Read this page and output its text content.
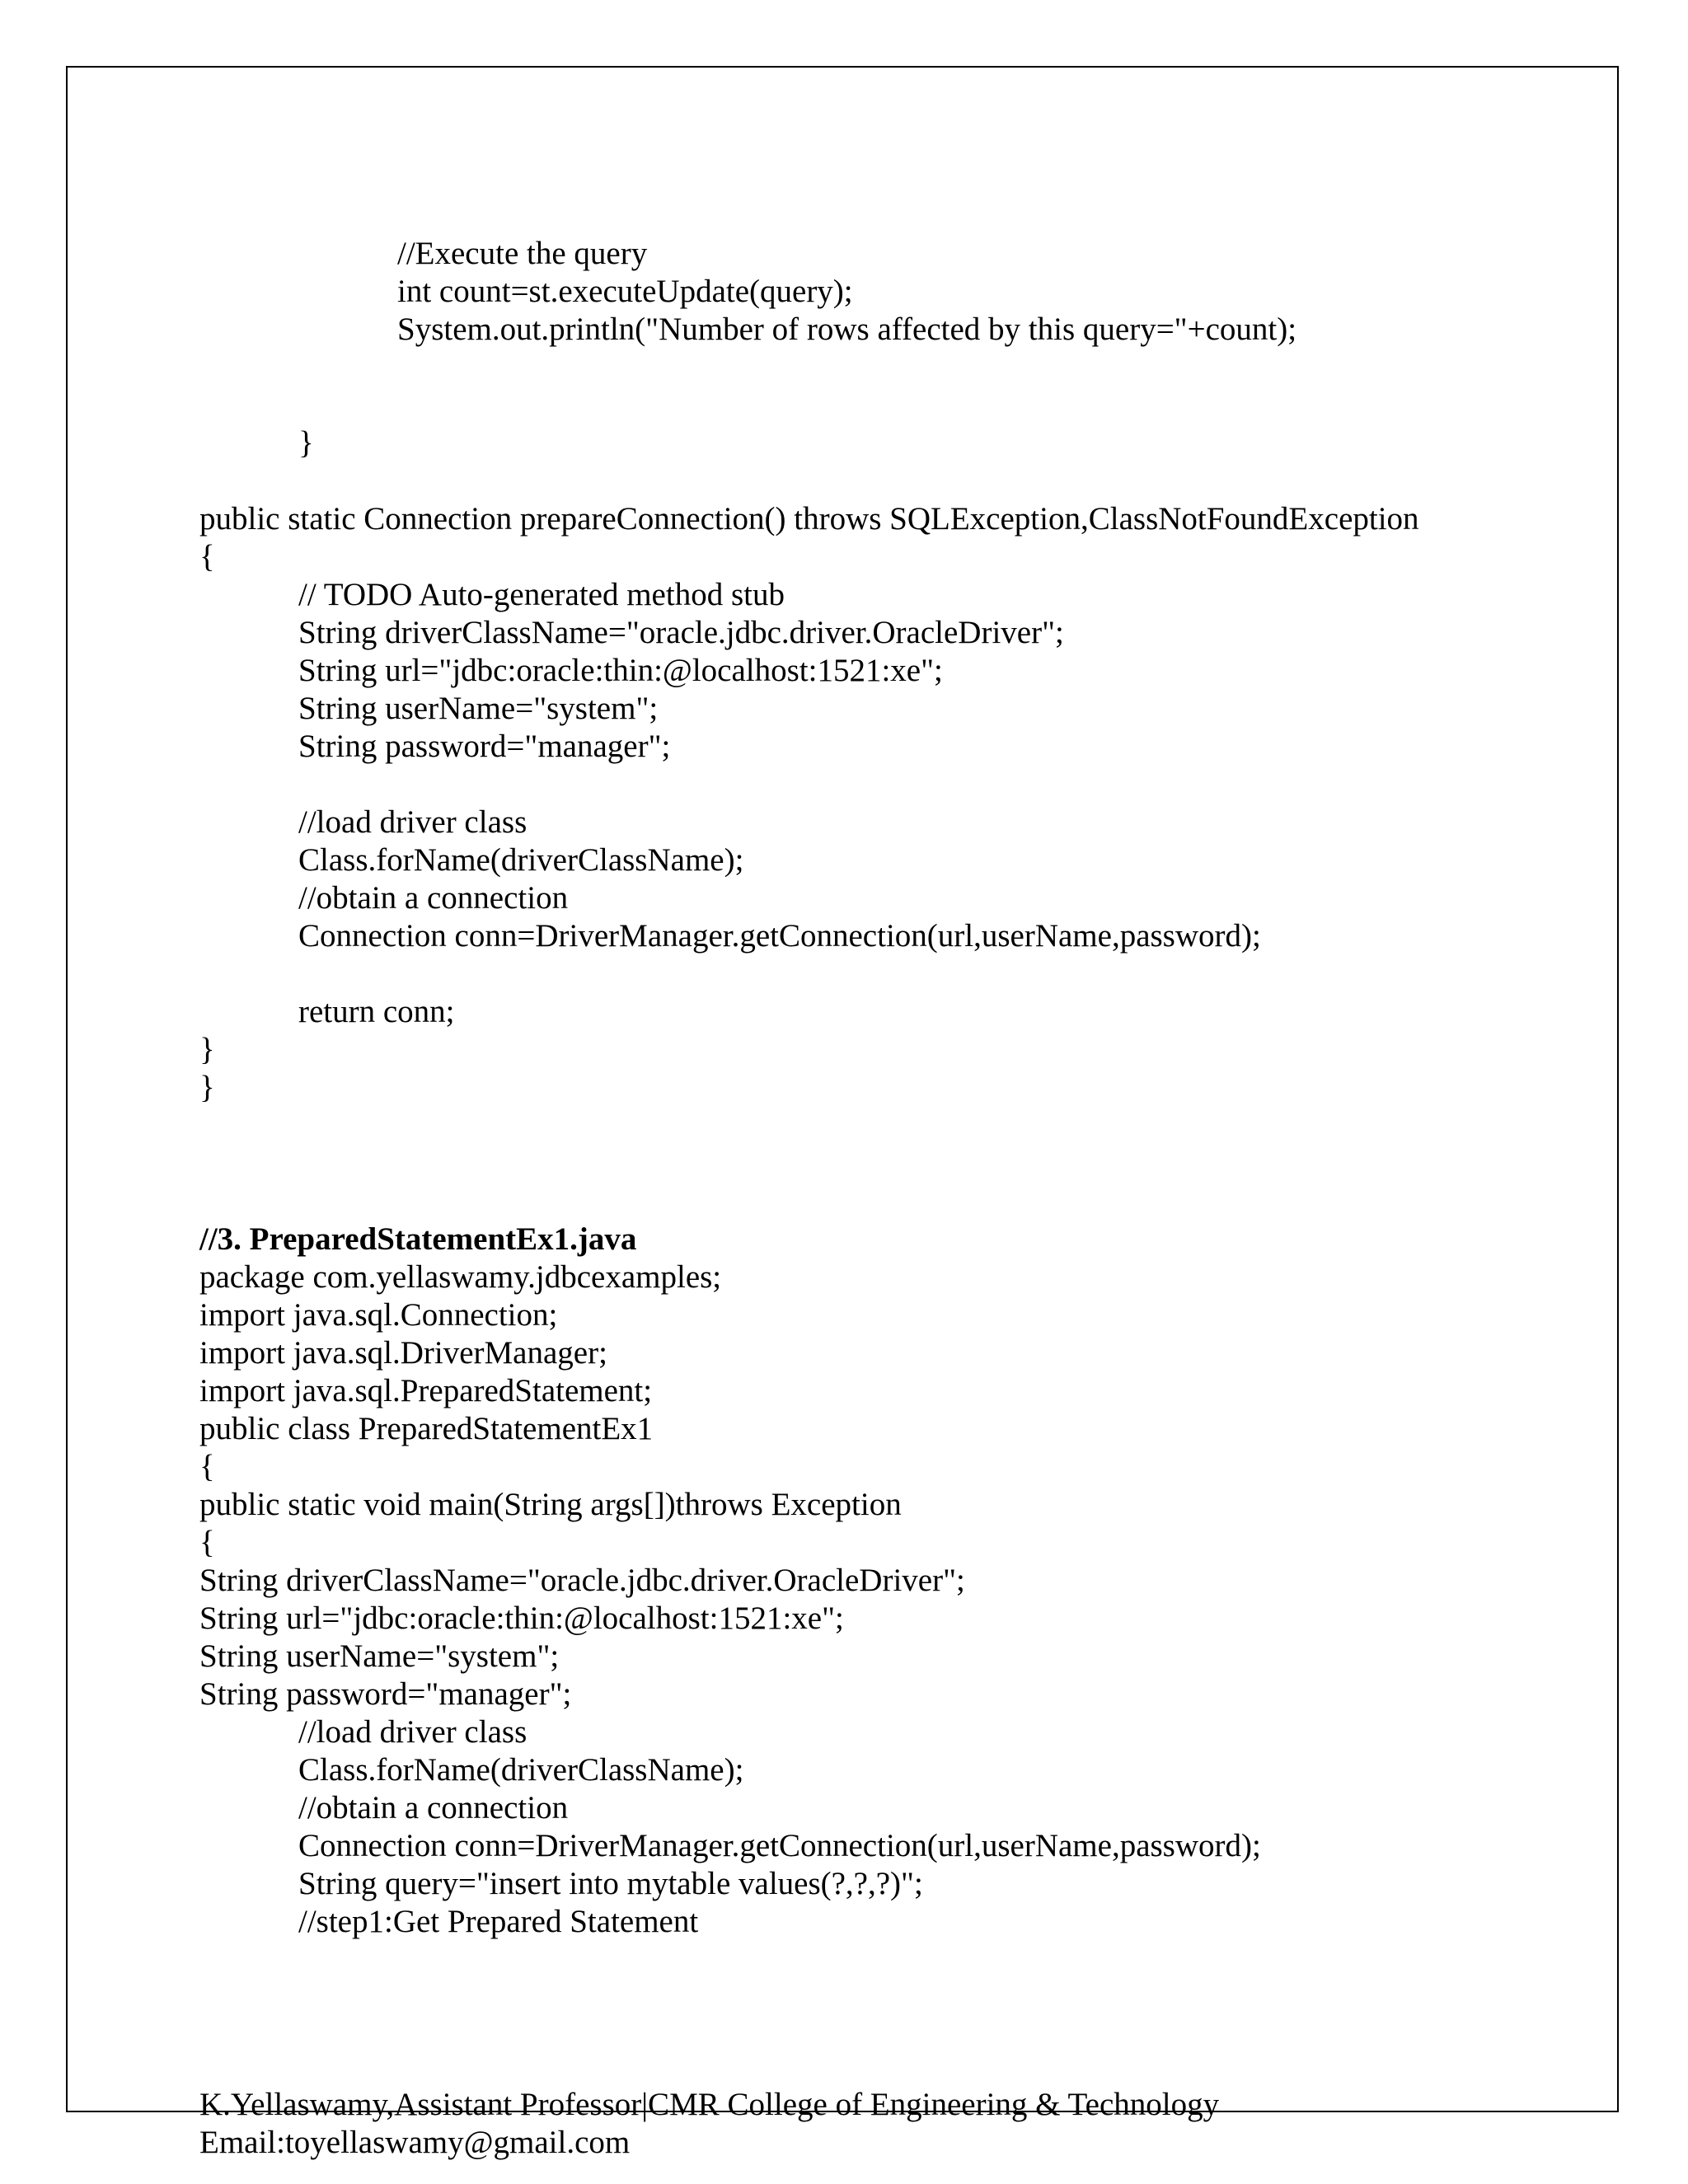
//Execute the query
int count=st.executeUpdate(query);
System.out.println("Number of rows affected by this query="+count);
}
public static Connection prepareConnection() throws SQLException,ClassNotFoundException
{
// TODO Auto-generated method stub
String driverClassName="oracle.jdbc.driver.OracleDriver";
String url="jdbc:oracle:thin:@localhost:1521:xe";
String userName="system";
String password="manager";
//load driver class
Class.forName(driverClassName);
//obtain a connection
Connection conn=DriverManager.getConnection(url,userName,password);
return conn;
}
}
//3. PreparedStatementEx1.java
package com.yellaswamy.jdbcexamples;
import java.sql.Connection;
import java.sql.DriverManager;
import java.sql.PreparedStatement;
public class PreparedStatementEx1
{
public static void main(String args[])throws Exception
{
String driverClassName="oracle.jdbc.driver.OracleDriver";
String url="jdbc:oracle:thin:@localhost:1521:xe";
String userName="system";
String password="manager";
//load driver class
Class.forName(driverClassName);
//obtain a connection
Connection conn=DriverManager.getConnection(url,userName,password);
String query="insert into mytable values(?,?,?)";
//step1:Get Prepared Statement
K.Yellaswamy,Assistant Professor|CMR College of Engineering & Technology
Email:toyellaswamy@gmail.com
